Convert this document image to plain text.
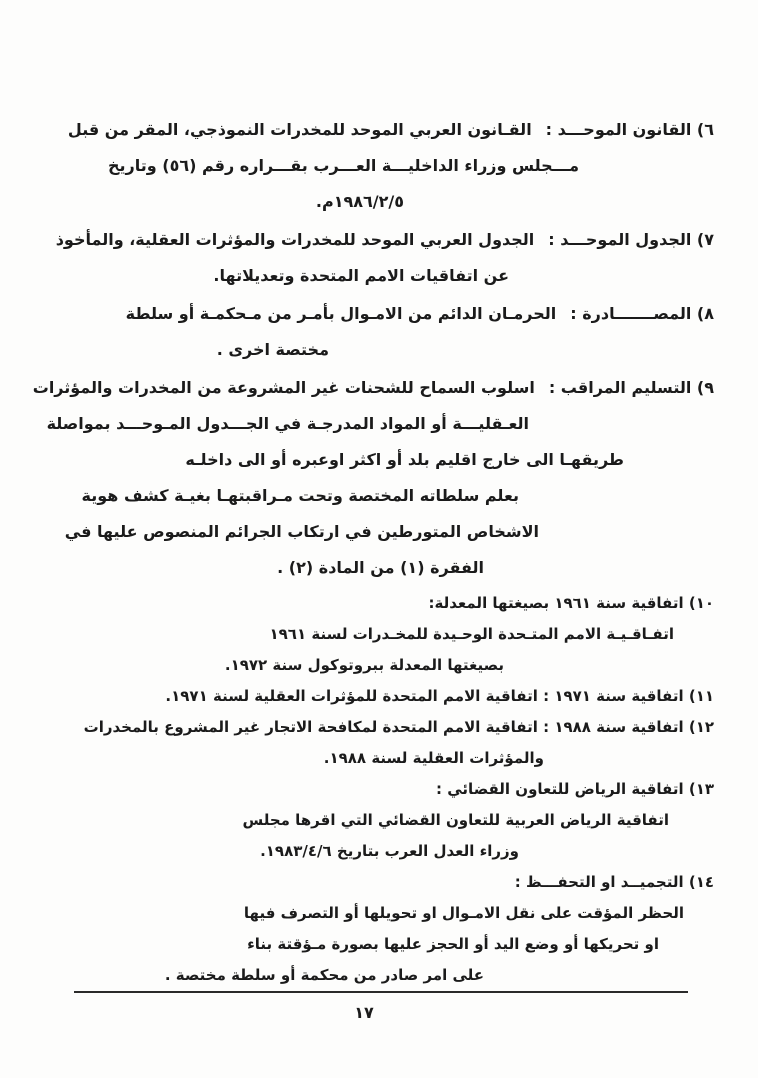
٦) القانون الموحـــد :القـانون العربي الموحد للمخدرات النموذجي، المقر من قبل
مـــجلس وزراء الداخليـــة العـــرب بقـــراره رقم (٥٦) وتاريخ
١٩٨٦/٢/٥م.
٧) الجدول الموحـــد :الجدول العربي الموحد للمخدرات والمؤثرات العقلية، والمأخوذ
عن اتفاقيات الامم المتحدة وتعديلاتها.
٨) المصـــــــادرة :الحرمـان الدائم من الامـوال بأمـر من مـحكمـة أو سلطة
مختصة اخرى .
٩) التسليم المراقب :اسلوب السماح للشحنات غير المشروعة من المخدرات والمؤثرات
العـقليـــة أو المواد المدرجـة في الجـــدول المـوحـــد بمواصلة
طريقهـا الى خارج اقليم بلد أو اكثر اوعبره أو الى داخلـه
بعلم سلطاته المختصة وتحت مـراقبتهـا بغيـة كشف هوية
الاشخاص المتورطين في ارتكاب الجرائم المنصوص عليها في
الفقرة (١) من المادة (٢) .
١٠) اتفاقية سنة ١٩٦١ بصيغتها المعدلة:
اتفـاقـيـة الامم المتـحدة الوحـيدة للمخـدرات لسنة ١٩٦١
بصيغتها المعدلة ببروتوكول سنة ١٩٧٢.
١١) اتفاقية سنة ١٩٧١ : اتفاقية الامم المتحدة للمؤثرات العقلية لسنة ١٩٧١.
١٢) اتفاقية سنة ١٩٨٨ : اتفاقية الامم المتحدة لمكافحة الاتجار غير المشروع بالمخدرات
والمؤثرات العقلية لسنة ١٩٨٨.
١٣) اتفاقية الرياض للتعاون القضائي :
اتفاقية الرياض العربية للتعاون القضائي التي اقرها مجلس
وزراء العدل العرب بتاريخ ١٩٨٣/٤/٦.
١٤) التجميــد او التحفـــظ :
الحظر المؤقت على نقل الامـوال او تحويلها أو التصرف فيها
او تحريكها أو وضع اليد أو الحجز عليها بصورة مـؤقتة بناء
على امر صادر من محكمة أو سلطة مختصة .
١٧
